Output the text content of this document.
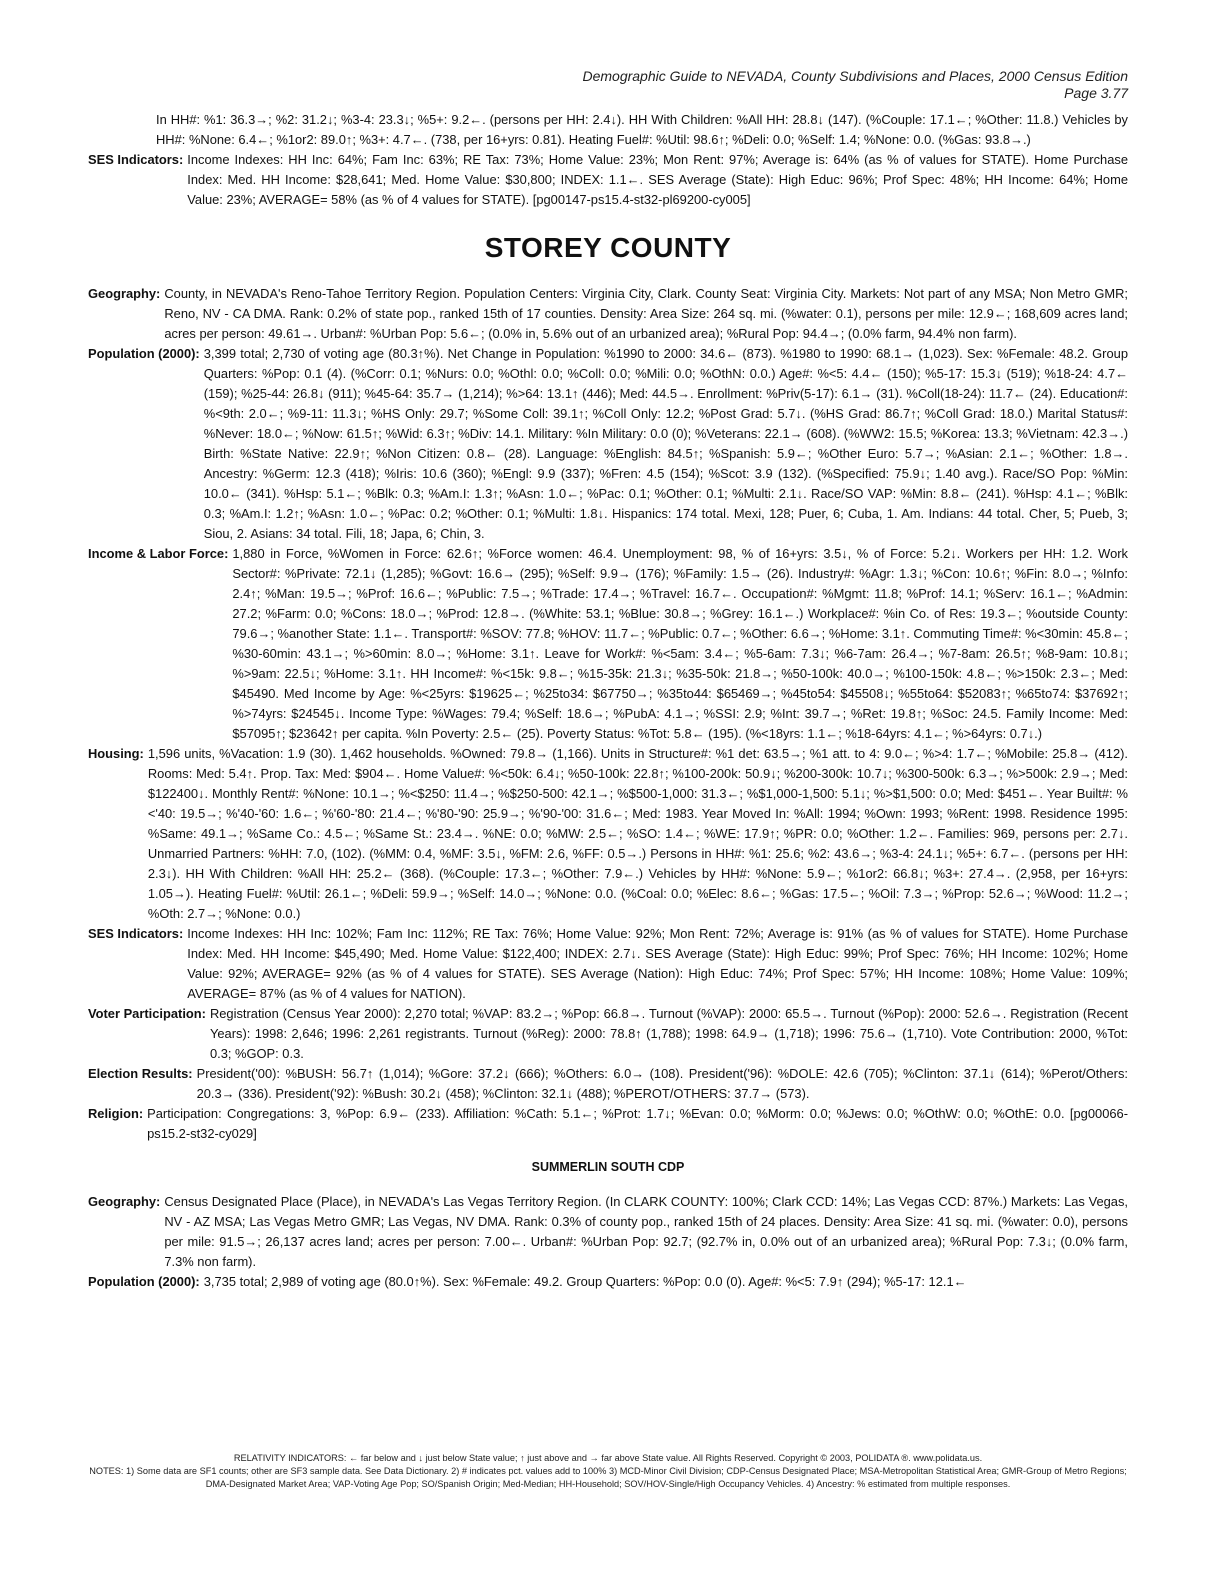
Demographic Guide to NEVADA, County Subdivisions and Places, 2000 Census Edition
Page 3.77
In HH#: %1: 36.3→; %2: 31.2↓; %3-4: 23.3↓; %5+: 9.2←. (persons per HH: 2.4↓). HH With Children: %All HH: 28.8↓ (147). (%Couple: 17.1←; %Other: 11.8.) Vehicles by HH#: %None: 6.4←; %1or2: 89.0↑; %3+: 4.7←. (738, per 16+yrs: 0.81). Heating Fuel#: %Util: 98.6↑; %Deli: 0.0; %Self: 1.4; %None: 0.0. (%Gas: 93.8→.)
SES Indicators: Income Indexes: HH Inc: 64%; Fam Inc: 63%; RE Tax: 73%; Home Value: 23%; Mon Rent: 97%; Average is: 64% (as % of values for STATE). Home Purchase Index: Med. HH Income: $28,641; Med. Home Value: $30,800; INDEX: 1.1←. SES Average (State): High Educ: 96%; Prof Spec: 48%; HH Income: 64%; Home Value: 23%; AVERAGE= 58% (as % of 4 values for STATE). [pg00147-ps15.4-st32-pl69200-cy005]
STOREY COUNTY
Geography: County, in NEVADA's Reno-Tahoe Territory Region. Population Centers: Virginia City, Clark. County Seat: Virginia City. Markets: Not part of any MSA; Non Metro GMR; Reno, NV - CA DMA. Rank: 0.2% of state pop., ranked 15th of 17 counties. Density: Area Size: 264 sq. mi. (%water: 0.1), persons per mile: 12.9←; 168,609 acres land; acres per person: 49.61→. Urban#: %Urban Pop: 5.6←; (0.0% in, 5.6% out of an urbanized area); %Rural Pop: 94.4→; (0.0% farm, 94.4% non farm).
Population (2000): 3,399 total; 2,730 of voting age (80.3↑%). Net Change in Population: %1990 to 2000: 34.6← (873). %1980 to 1990: 68.1→ (1,023). Sex: %Female: 48.2. Group Quarters: %Pop: 0.1 (4). (%Corr: 0.1; %Nurs: 0.0; %Othl: 0.0; %Coll: 0.0; %Mili: 0.0; %OthN: 0.0.) Age#: %<5: 4.4← (150); %5-17: 15.3↓ (519); %18-24: 4.7← (159); %25-44: 26.8↓ (911); %45-64: 35.7→ (1,214); %>64: 13.1↑ (446); Med: 44.5→. Enrollment: %Priv(5-17): 6.1→ (31). %Coll(18-24): 11.7← (24). Education#: %<9th: 2.0←; %9-11: 11.3↓; %HS Only: 29.7; %Some Coll: 39.1↑; %Coll Only: 12.2; %Post Grad: 5.7↓. (%HS Grad: 86.7↑; %Coll Grad: 18.0.) Marital Status#: %Never: 18.0←; %Now: 61.5↑; %Wid: 6.3↑; %Div: 14.1. Military: %In Military: 0.0 (0); %Veterans: 22.1→ (608). (%WW2: 15.5; %Korea: 13.3; %Vietnam: 42.3→.) Birth: %State Native: 22.9↑; %Non Citizen: 0.8← (28). Language: %English: 84.5↑; %Spanish: 5.9←; %Other Euro: 5.7→; %Asian: 2.1←; %Other: 1.8→. Ancestry: %Germ: 12.3 (418); %Iris: 10.6 (360); %Engl: 9.9 (337); %Fren: 4.5 (154); %Scot: 3.9 (132). (%Specified: 75.9↓; 1.40 avg.). Race/SO Pop: %Min: 10.0← (341). %Hsp: 5.1←; %Blk: 0.3; %Am.I: 1.3↑; %Asn: 1.0←; %Pac: 0.1; %Other: 0.1; %Multi: 2.1↓. Race/SO VAP: %Min: 8.8← (241). %Hsp: 4.1←; %Blk: 0.3; %Am.I: 1.2↑; %Asn: 1.0←; %Pac: 0.2; %Other: 0.1; %Multi: 1.8↓. Hispanics: 174 total. Mexi, 128; Puer, 6; Cuba, 1. Am. Indians: 44 total. Cher, 5; Pueb, 3; Siou, 2. Asians: 34 total. Fili, 18; Japa, 6; Chin, 3.
Income & Labor Force: 1,880 in Force, %Women in Force: 62.6↑; %Force women: 46.4. Unemployment: 98, % of 16+yrs: 3.5↓, % of Force: 5.2↓. Workers per HH: 1.2. Work Sector#: %Private: 72.1↓ (1,285); %Govt: 16.6→ (295); %Self: 9.9→ (176); %Family: 1.5→ (26). Industry#: %Agr: 1.3↓; %Con: 10.6↑; %Fin: 8.0→; %Info: 2.4↑; %Man: 19.5→; %Prof: 16.6←; %Public: 7.5→; %Trade: 17.4→; %Travel: 16.7←. Occupation#: %Mgmt: 11.8; %Prof: 14.1; %Serv: 16.1←; %Admin: 27.2; %Farm: 0.0; %Cons: 18.0→; %Prod: 12.8→. (%White: 53.1; %Blue: 30.8→; %Grey: 16.1←.) Workplace#: %in Co. of Res: 19.3←; %outside County: 79.6→; %another State: 1.1←. Transport#: %SOV: 77.8; %HOV: 11.7←; %Public: 0.7←; %Other: 6.6→; %Home: 3.1↑. Commuting Time#: %<30min: 45.8←; %30-60min: 43.1→; %>60min: 8.0→; %Home: 3.1↑. Leave for Work#: %<5am: 3.4←; %5-6am: 7.3↓; %6-7am: 26.4→; %7-8am: 26.5↑; %8-9am: 10.8↓; %>9am: 22.5↓; %Home: 3.1↑. HH Income#: %<15k: 9.8←; %15-35k: 21.3↓; %35-50k: 21.8→; %50-100k: 40.0→; %100-150k: 4.8←; %>150k: 2.3←; Med: $45490. Med Income by Age: %<25yrs: $19625←; %25to34: $67750→; %35to44: $65469→; %45to54: $45508↓; %55to64: $52083↑; %65to74: $37692↑; %>74yrs: $24545↓. Income Type: %Wages: 79.4; %Self: 18.6→; %PubA: 4.1→; %SSI: 2.9; %Int: 39.7→; %Ret: 19.8↑; %Soc: 24.5. Family Income: Med: $57095↑; $23642↑ per capita. %In Poverty: 2.5← (25). Poverty Status: %Tot: 5.8← (195). (%<18yrs: 1.1←; %18-64yrs: 4.1←; %>64yrs: 0.7↓.)
Housing: 1,596 units, %Vacation: 1.9 (30). 1,462 households. %Owned: 79.8→ (1,166). Units in Structure#: %1 det: 63.5→; %1 att. to 4: 9.0←; %>4: 1.7←; %Mobile: 25.8→ (412). Rooms: Med: 5.4↑. Prop. Tax: Med: $904←. Home Value#: %<50k: 6.4↓; %50-100k: 22.8↑; %100-200k: 50.9↓; %200-300k: 10.7↓; %300-500k: 6.3→; %>500k: 2.9→; Med: $122400↓. Monthly Rent#: %None: 10.1→; %<$250: 11.4→; %$250-500: 42.1→; %$500-1,000: 31.3←; %$1,000-1,500: 5.1↓; %>$1,500: 0.0; Med: $451←. Year Built#: %<'40: 19.5→; %'40-'60: 1.6←; %'60-'80: 21.4←; %'80-'90: 25.9→; %'90-'00: 31.6←; Med: 1983. Year Moved In: %All: 1994; %Own: 1993; %Rent: 1998. Residence 1995: %Same: 49.1→; %Same Co.: 4.5←; %Same St.: 23.4→. %NE: 0.0; %MW: 2.5←; %SO: 1.4←; %WE: 17.9↑; %PR: 0.0; %Other: 1.2←. Families: 969, persons per: 2.7↓. Unmarried Partners: %HH: 7.0, (102). (%MM: 0.4, %MF: 3.5↓, %FM: 2.6, %FF: 0.5→.) Persons in HH#: %1: 25.6; %2: 43.6→; %3-4: 24.1↓; %5+: 6.7←. (persons per HH: 2.3↓). HH With Children: %All HH: 25.2← (368). (%Couple: 17.3←; %Other: 7.9←.) Vehicles by HH#: %None: 5.9←; %1or2: 66.8↓; %3+: 27.4→. (2,958, per 16+yrs: 1.05→). Heating Fuel#: %Util: 26.1←; %Deli: 59.9→; %Self: 14.0→; %None: 0.0. (%Coal: 0.0; %Elec: 8.6←; %Gas: 17.5←; %Oil: 7.3→; %Prop: 52.6→; %Wood: 11.2→; %Oth: 2.7→; %None: 0.0.)
SES Indicators: Income Indexes: HH Inc: 102%; Fam Inc: 112%; RE Tax: 76%; Home Value: 92%; Mon Rent: 72%; Average is: 91% (as % of values for STATE). Home Purchase Index: Med. HH Income: $45,490; Med. Home Value: $122,400; INDEX: 2.7↓. SES Average (State): High Educ: 99%; Prof Spec: 76%; HH Income: 102%; Home Value: 92%; AVERAGE= 92% (as % of 4 values for STATE). SES Average (Nation): High Educ: 74%; Prof Spec: 57%; HH Income: 108%; Home Value: 109%; AVERAGE= 87% (as % of 4 values for NATION).
Voter Participation: Registration (Census Year 2000): 2,270 total; %VAP: 83.2→; %Pop: 66.8→. Turnout (%VAP): 2000: 65.5→. Turnout (%Pop): 2000: 52.6→. Registration (Recent Years): 1998: 2,646; 1996: 2,261 registrants. Turnout (%Reg): 2000: 78.8↑ (1,788); 1998: 64.9→ (1,718); 1996: 75.6→ (1,710). Vote Contribution: 2000, %Tot: 0.3; %GOP: 0.3.
Election Results: President('00): %BUSH: 56.7↑ (1,014); %Gore: 37.2↓ (666); %Others: 6.0→ (108). President('96): %DOLE: 42.6 (705); %Clinton: 37.1↓ (614); %Perot/Others: 20.3→ (336). President('92): %Bush: 30.2↓ (458); %Clinton: 32.1↓ (488); %PEROT/OTHERS: 37.7→ (573).
Religion: Participation: Congregations: 3, %Pop: 6.9← (233). Affiliation: %Cath: 5.1←; %Prot: 1.7↓; %Evan: 0.0; %Morm: 0.0; %Jews: 0.0; %OthW: 0.0; %OthE: 0.0. [pg00066-ps15.2-st32-cy029]
SUMMERLIN SOUTH CDP
Geography: Census Designated Place (Place), in NEVADA's Las Vegas Territory Region. (In CLARK COUNTY: 100%; Clark CCD: 14%; Las Vegas CCD: 87%.) Markets: Las Vegas, NV - AZ MSA; Las Vegas Metro GMR; Las Vegas, NV DMA. Rank: 0.3% of county pop., ranked 15th of 24 places. Density: Area Size: 41 sq. mi. (%water: 0.0), persons per mile: 91.5→; 26,137 acres land; acres per person: 7.00←. Urban#: %Urban Pop: 92.7; (92.7% in, 0.0% out of an urbanized area); %Rural Pop: 7.3↓; (0.0% farm, 7.3% non farm).
Population (2000): 3,735 total; 2,989 of voting age (80.0↑%). Sex: %Female: 49.2. Group Quarters: %Pop: 0.0 (0). Age#: %<5: 7.9↑ (294); %5-17: 12.1←
RELATIVITY INDICATORS: ← far below and ↓ just below State value; ↑ just above and → far above State value. All Rights Reserved. Copyright © 2003, POLIDATA ®. www.polidata.us.
NOTES: 1) Some data are SF1 counts; other are SF3 sample data. See Data Dictionary. 2) # indicates pct. values add to 100% 3) MCD-Minor Civil Division; CDP-Census Designated Place; MSA-Metropolitan Statistical Area; GMR-Group of Metro Regions; DMA-Designated Market Area; VAP-Voting Age Pop; SO/Spanish Origin; Med-Median; HH-Household; SOV/HOV-Single/High Occupancy Vehicles. 4) Ancestry: % estimated from multiple responses.
